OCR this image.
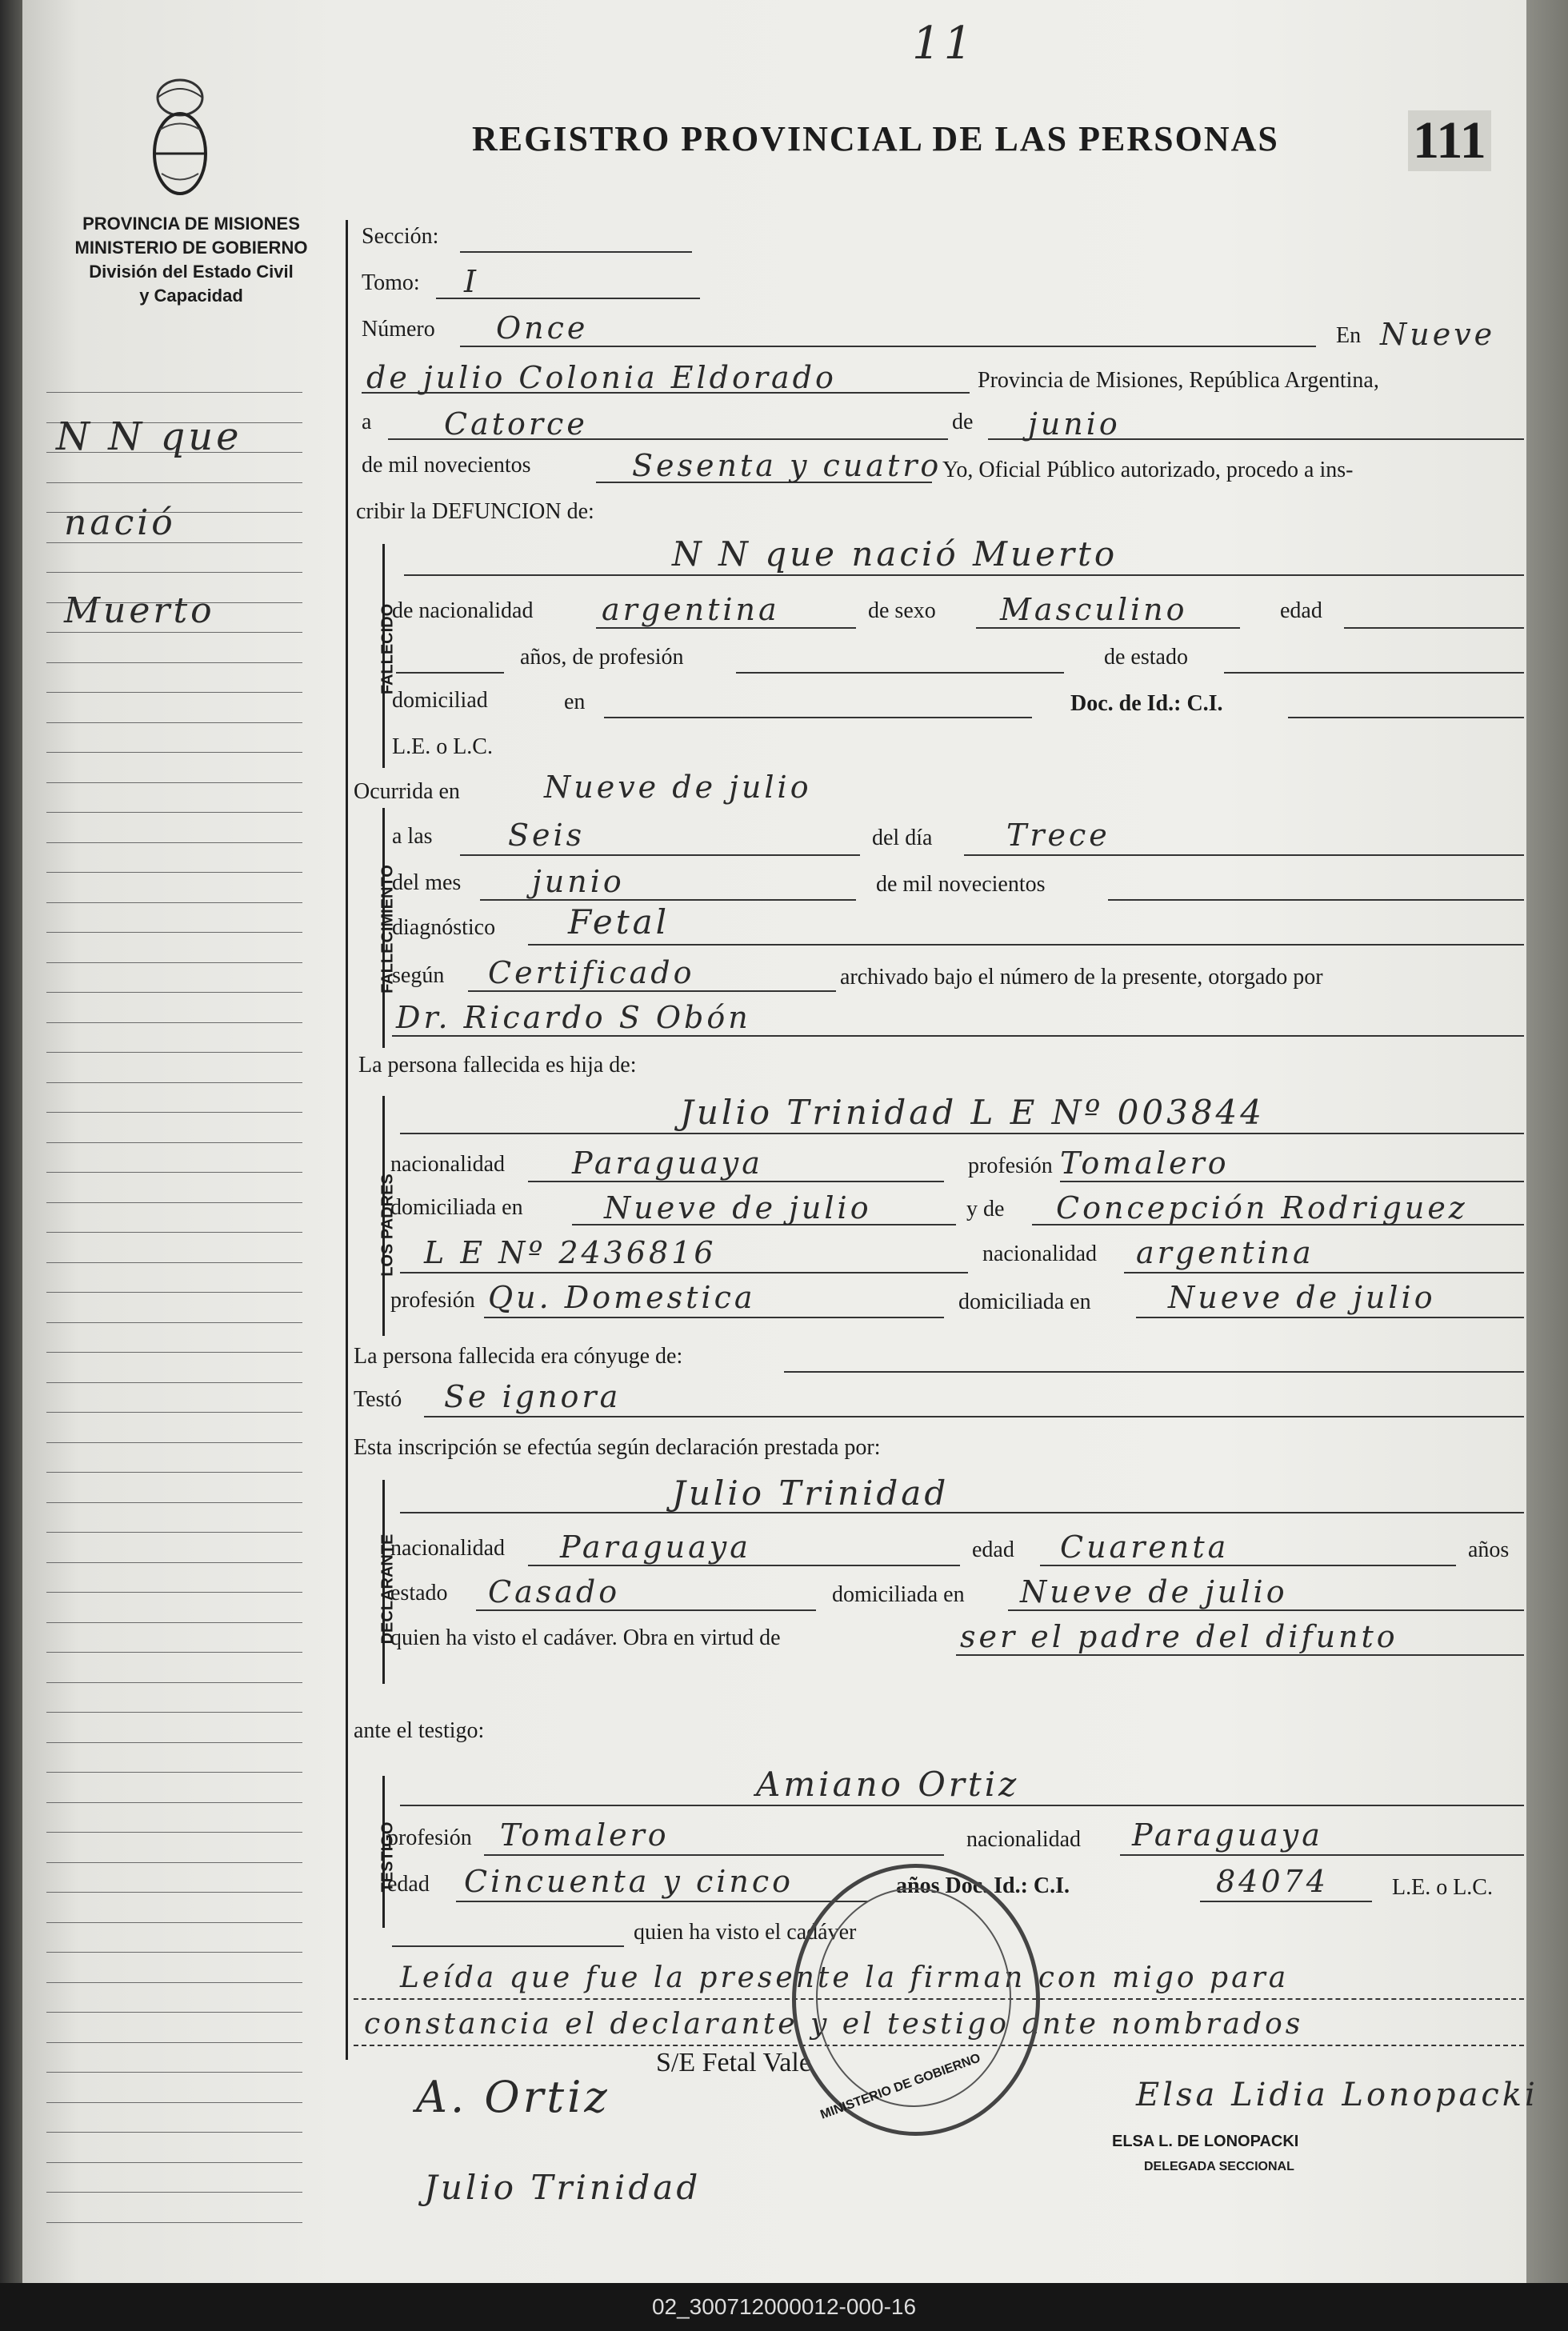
11
PROVINCIA DE MISIONES
MINISTERIO DE GOBIERNO
División del Estado Civil
y Capacidad
REGISTRO PROVINCIAL DE LAS PERSONAS	111
N N que
nació
Muerto
Sección:
Tomo: I
Número Once	En Nueve
de julio Colonia Eldorado	Provincia de Misiones, República Argentina,
a Catorce	de junio
de mil novecientos	Sesenta y cuatro Yo, Oficial Público autorizado, procedo a ins-
cribir la DEFUNCION de:
FALLECIDO
N N que nació Muerto
de nacionalidad argentina	de sexo Masculino	edad
años, de profesión	de estado
domiciliad	en	Doc. de Id.: C.I.
L.E. o L.C.
Ocurrida en	Nueve de julio
FALLECIMIENTO
a las Seis	del día Trece
del mes junio	de mil novecientos
diagnóstico Fetal
según Certificado	archivado bajo el número de la presente, otorgado por
Dr. Ricardo S Obón
La persona fallecida es hija de:
LOS PADRES
Julio Trinidad L E Nº 003844
nacionalidad Paraguaya	profesión Tomalero
domiciliada en	Nueve de julio	y de Concepción Rodriguez
L E Nº 2436816	nacionalidad argentina
profesión Qu. Domestica	domiciliada en	Nueve de julio
La persona fallecida era cónyuge de:
Testó Se ignora
Esta inscripción se efectúa según declaración prestada por:
DECLARANTE
Julio Trinidad
nacionalidad Paraguaya	edad Cuarenta	años
estado Casado	domiciliada en Nueve de julio
quien ha visto el cadáver. Obra en virtud de	ser el padre del difunto
ante el testigo:
TESTIGO
Amiano Ortiz
profesión Tomalero	nacionalidad Paraguaya
edad Cincuenta y cinco	años Doc. Id.: C.I.	84074	L.E. o L.C.
quien ha visto el cadáver
Leída que fue la presente la firman con migo para
constancia el declarante y el testigo ante nombrados
S/E Fetal Vale MINISTERIO DE GOBIERNO
A. Ortiz	Elsa Lidia Lonopacki
ELSA L. DE LONOPACKI
DELEGADA SECCIONAL
Julio Trinidad
02_300712000012-000-16
